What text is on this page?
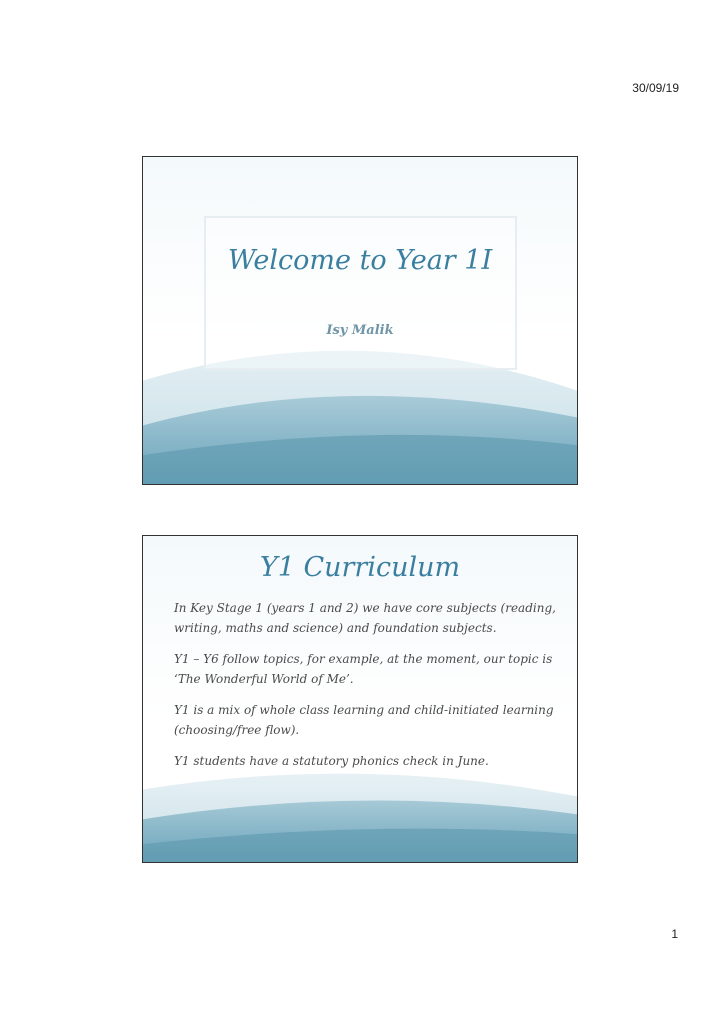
30/09/19
Welcome to Year 1I
Isy Malik
Y1 Curriculum

In Key Stage 1 (years 1 and 2) we have core subjects (reading, writing, maths and science) and foundation subjects.

Y1 – Y6 follow topics, for example, at the moment, our topic is ‘The Wonderful World of Me’.

Y1 is a mix of whole class learning and child-initiated learning (choosing/free flow).

Y1 students have a statutory phonics check in June.

1
